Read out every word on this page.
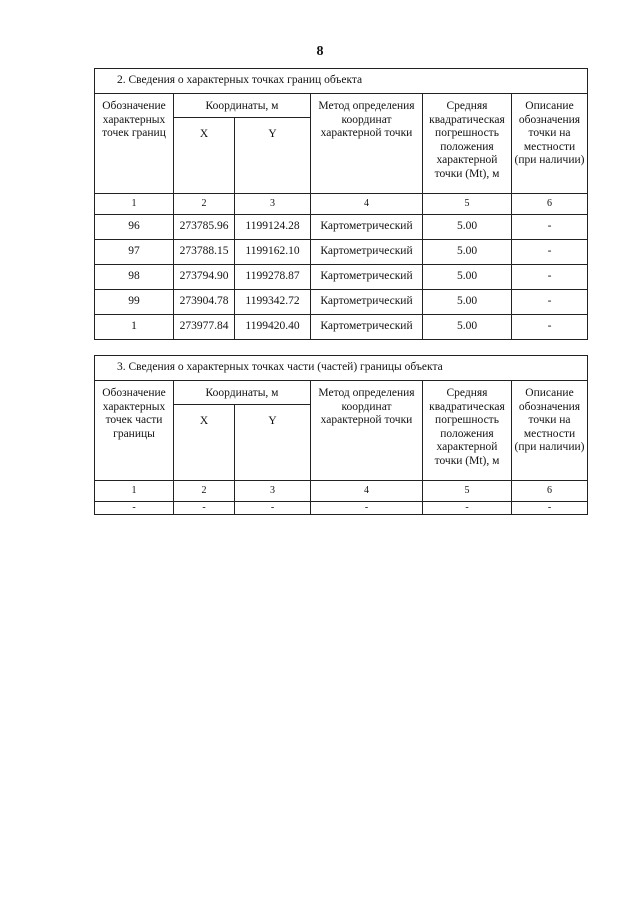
8
2. Сведения о характерных точках границ объекта					
Обозначение характерных точек границ	Координаты, м		Метод определения координат характерной точки	Средняя квадратическая погрешность положения характерной точки (Mt), м	Описание обозначения точки на местности (при наличии)
	X	Y			
1	2	3	4	5	6
96	273785.96	1199124.28	Картометрический	5.00	-
97	273788.15	1199162.10	Картометрический	5.00	-
98	273794.90	1199278.87	Картометрический	5.00	-
99	273904.78	1199342.72	Картометрический	5.00	-
1	273977.84	1199420.40	Картометрический	5.00	-
3. Сведения о характерных точках части (частей) границы объекта					
Обозначение характерных точек части границы	Координаты, м		Метод определения координат характерной точки	Средняя квадратическая погрешность положения характерной точки (Mt), м	Описание обозначения точки на местности (при наличии)
	X	Y			
1	2	3	4	5	6
-	-	-	-	-	-
